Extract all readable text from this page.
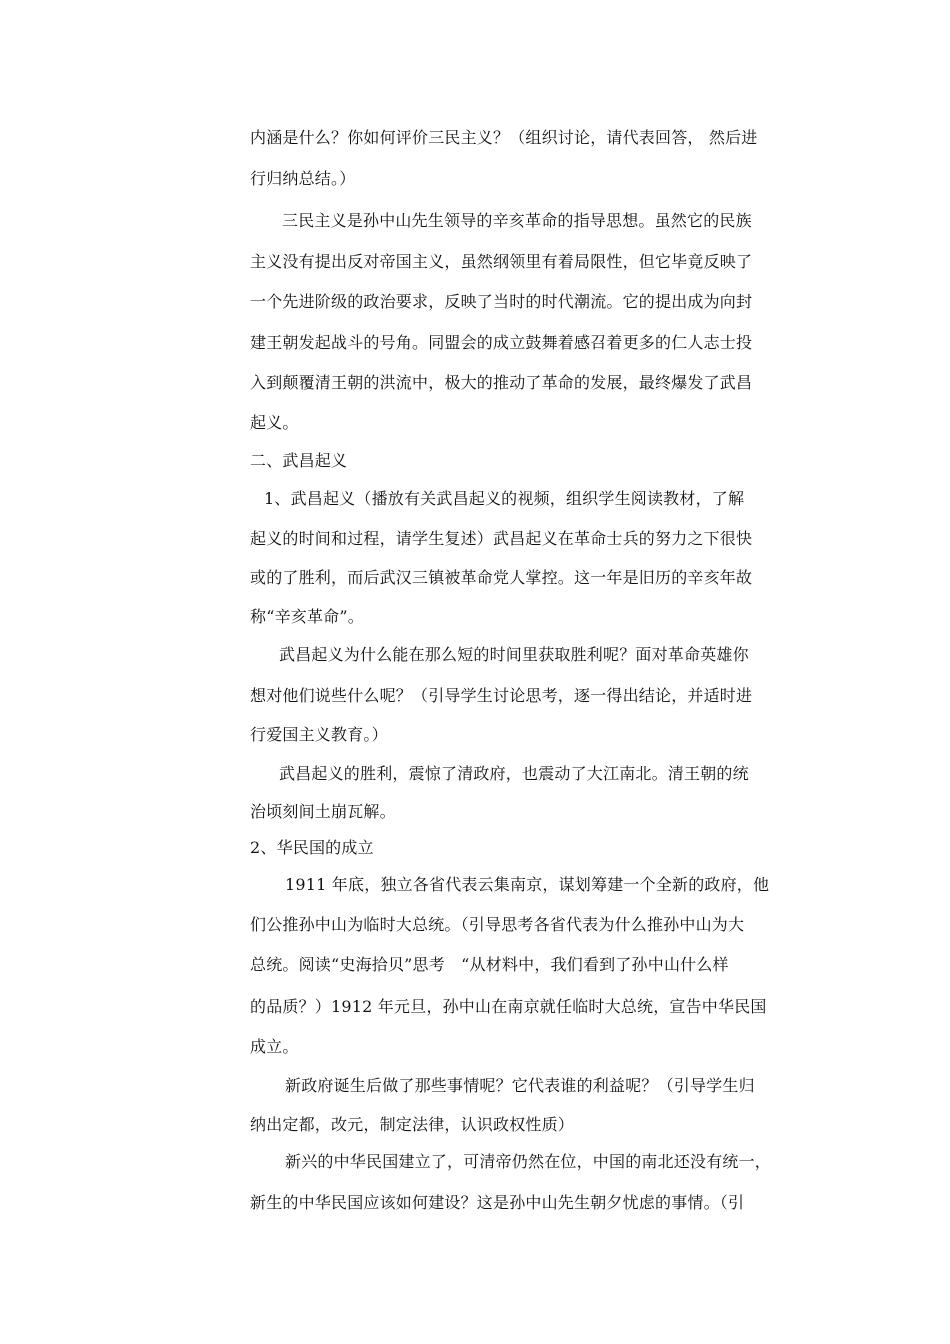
内涵是什么？你如何评价三民主义？（组织讨论，请代表回答， 然后进
行归纳总结。）
三民主义是孙中山先生领导的辛亥革命的指导思想。虽然它的民族
主义没有提出反对帝国主义，虽然纲领里有着局限性，但它毕竟反映了
一个先进阶级的政治要求，反映了当时的时代潮流。它的提出成为向封
建王朝发起战斗的号角。同盟会的成立鼓舞着感召着更多的仁人志士投
入到颠覆清王朝的洪流中，极大的推动了革命的发展，最终爆发了武昌
起义。
二、武昌起义
1、武昌起义（播放有关武昌起义的视频，组织学生阅读教材，了解
起义的时间和过程，请学生复述）武昌起义在革命士兵的努力之下很快
或的了胜利，而后武汉三镇被革命党人掌控。这一年是旧历的辛亥年故
称“辛亥革命”。
武昌起义为什么能在那么短的时间里获取胜利呢？面对革命英雄你
想对他们说些什么呢？（引导学生讨论思考，逐一得出结论，并适时进
行爱国主义教育。）
武昌起义的胜利，震惊了清政府，也震动了大江南北。清王朝的统
治顷刻间土崩瓦解。
2、华民国的成立
1911 年底，独立各省代表云集南京，谋划筹建一个全新的政府，他
们公推孙中山为临时大总统。（引导思考各省代表为什么推孙中山为大
总统。阅读“史海拾贝”思考　“从材料中，我们看到了孙中山什么样
的品质？）1912 年元旦，孙中山在南京就任临时大总统，宣告中华民国
成立。
新政府诞生后做了那些事情呢？它代表谁的利益呢？（引导学生归
纳出定都，改元，制定法律，认识政权性质）
新兴的中华民国建立了，可清帝仍然在位，中国的南北还没有统一，
新生的中华民国应该如何建设？这是孙中山先生朝夕忧虑的事情。（引
